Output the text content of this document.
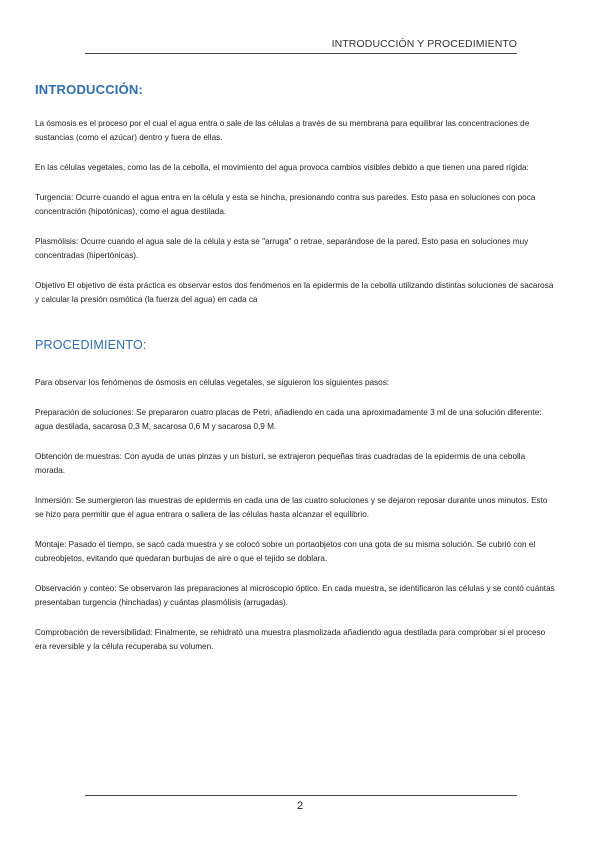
INTRODUCCIÓN Y PROCEDIMIENTO
INTRODUCCIÓN:

La ósmosis es el proceso por el cual el agua entra o sale de las células a través de su membrana para equilibrar las concentraciones de sustancias (como el azúcar) dentro y fuera de ellas.

En las células vegetales, como las de la cebolla, el movimiento del agua provoca cambios visibles debido a que tienen una pared rígida:

Turgencia: Ocurre cuando el agua entra en la célula y esta se hincha, presionando contra sus paredes. Esto pasa en soluciones con poca concentración (hipotónicas), como el agua destilada.

Plasmólisis: Ocurre cuando el agua sale de la célula y esta se "arruga" o retrae, separándose de la pared. Esto pasa en soluciones muy concentradas (hipertónicas).

Objetivo El objetivo de esta práctica es observar estos dos fenómenos en la epidermis de la cebolla utilizando distintas soluciones de sacarosa y calcular la presión osmótica (la fuerza del agua) en cada ca

PROCEDIMIENTO:

Para observar los fenómenos de ósmosis en células vegetales, se siguieron los siguientes pasos:

Preparación de soluciones: Se prepararon cuatro placas de Petri, añadiendo en cada una aproximadamente 3 ml de una solución diferente: agua destilada, sacarosa 0,3 M, sacarosa 0,6 M y sacarosa 0,9 M.

Obtención de muestras: Con ayuda de unas pinzas y un bisturí, se extrajeron pequeñas tiras cuadradas de la epidermis de una cebolla morada.

Inmersión: Se sumergieron las muestras de epidermis en cada una de las cuatro soluciones y se dejaron reposar durante unos minutos. Esto se hizo para permitir que el agua entrara o saliera de las células hasta alcanzar el equilibrio.

Montaje: Pasado el tiempo, se sacó cada muestra y se colocó sobre un portaobjetos con una gota de su misma solución. Se cubrió con el cubreobjetos, evitando que quedaran burbujas de aire o que el tejido se doblara.

Observación y conteo: Se observaron las preparaciones al microscopio óptico. En cada muestra, se identificaron las células y se contó cuántas presentaban turgencia (hinchadas) y cuántas plasmólisis (arrugadas).

Comprobación de reversibilidad: Finalmente, se rehidrató una muestra plasmolizada añadiendo agua destilada para comprobar si el proceso era reversible y la célula recuperaba su volumen.

2
